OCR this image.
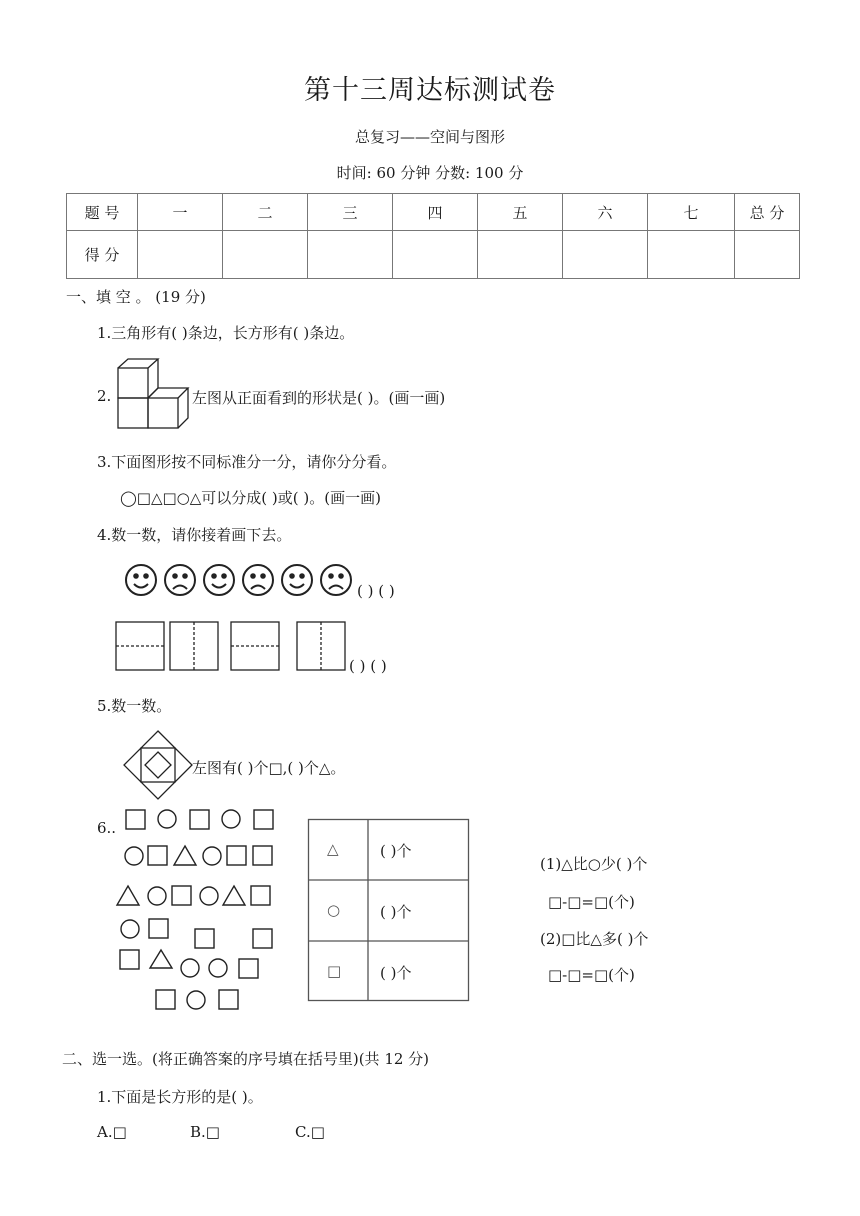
第十三周达标测试卷
总复习——空间与图形
时间: 60 分钟 分数: 100 分
题 号	一	二	三	四	五	六	七	总 分
得 分								
一、填 空 。 (19 分)
1.三角形有( )条边，长方形有( )条边。
2.	左图从正面看到的形状是( )。(画一画)
3.下面图形按不同标准分一分，请你分分看。
◯□△□○△可以分成( )或( )。(画一画)
4.数一数，请你接着画下去。
( ) ( )
( ) ( )
5.数一数。
左图有( )个□,( )个△。
6..
△	( )个
○	( )个
□	( )个
(1)△比○少( )个
□-□=□(个)
(2)□比△多( )个
□-□=□(个)
二、选一选。(将正确答案的序号填在括号里)(共 12 分)
1.下面是长方形的是( )。
A.□	B.□	C.□
